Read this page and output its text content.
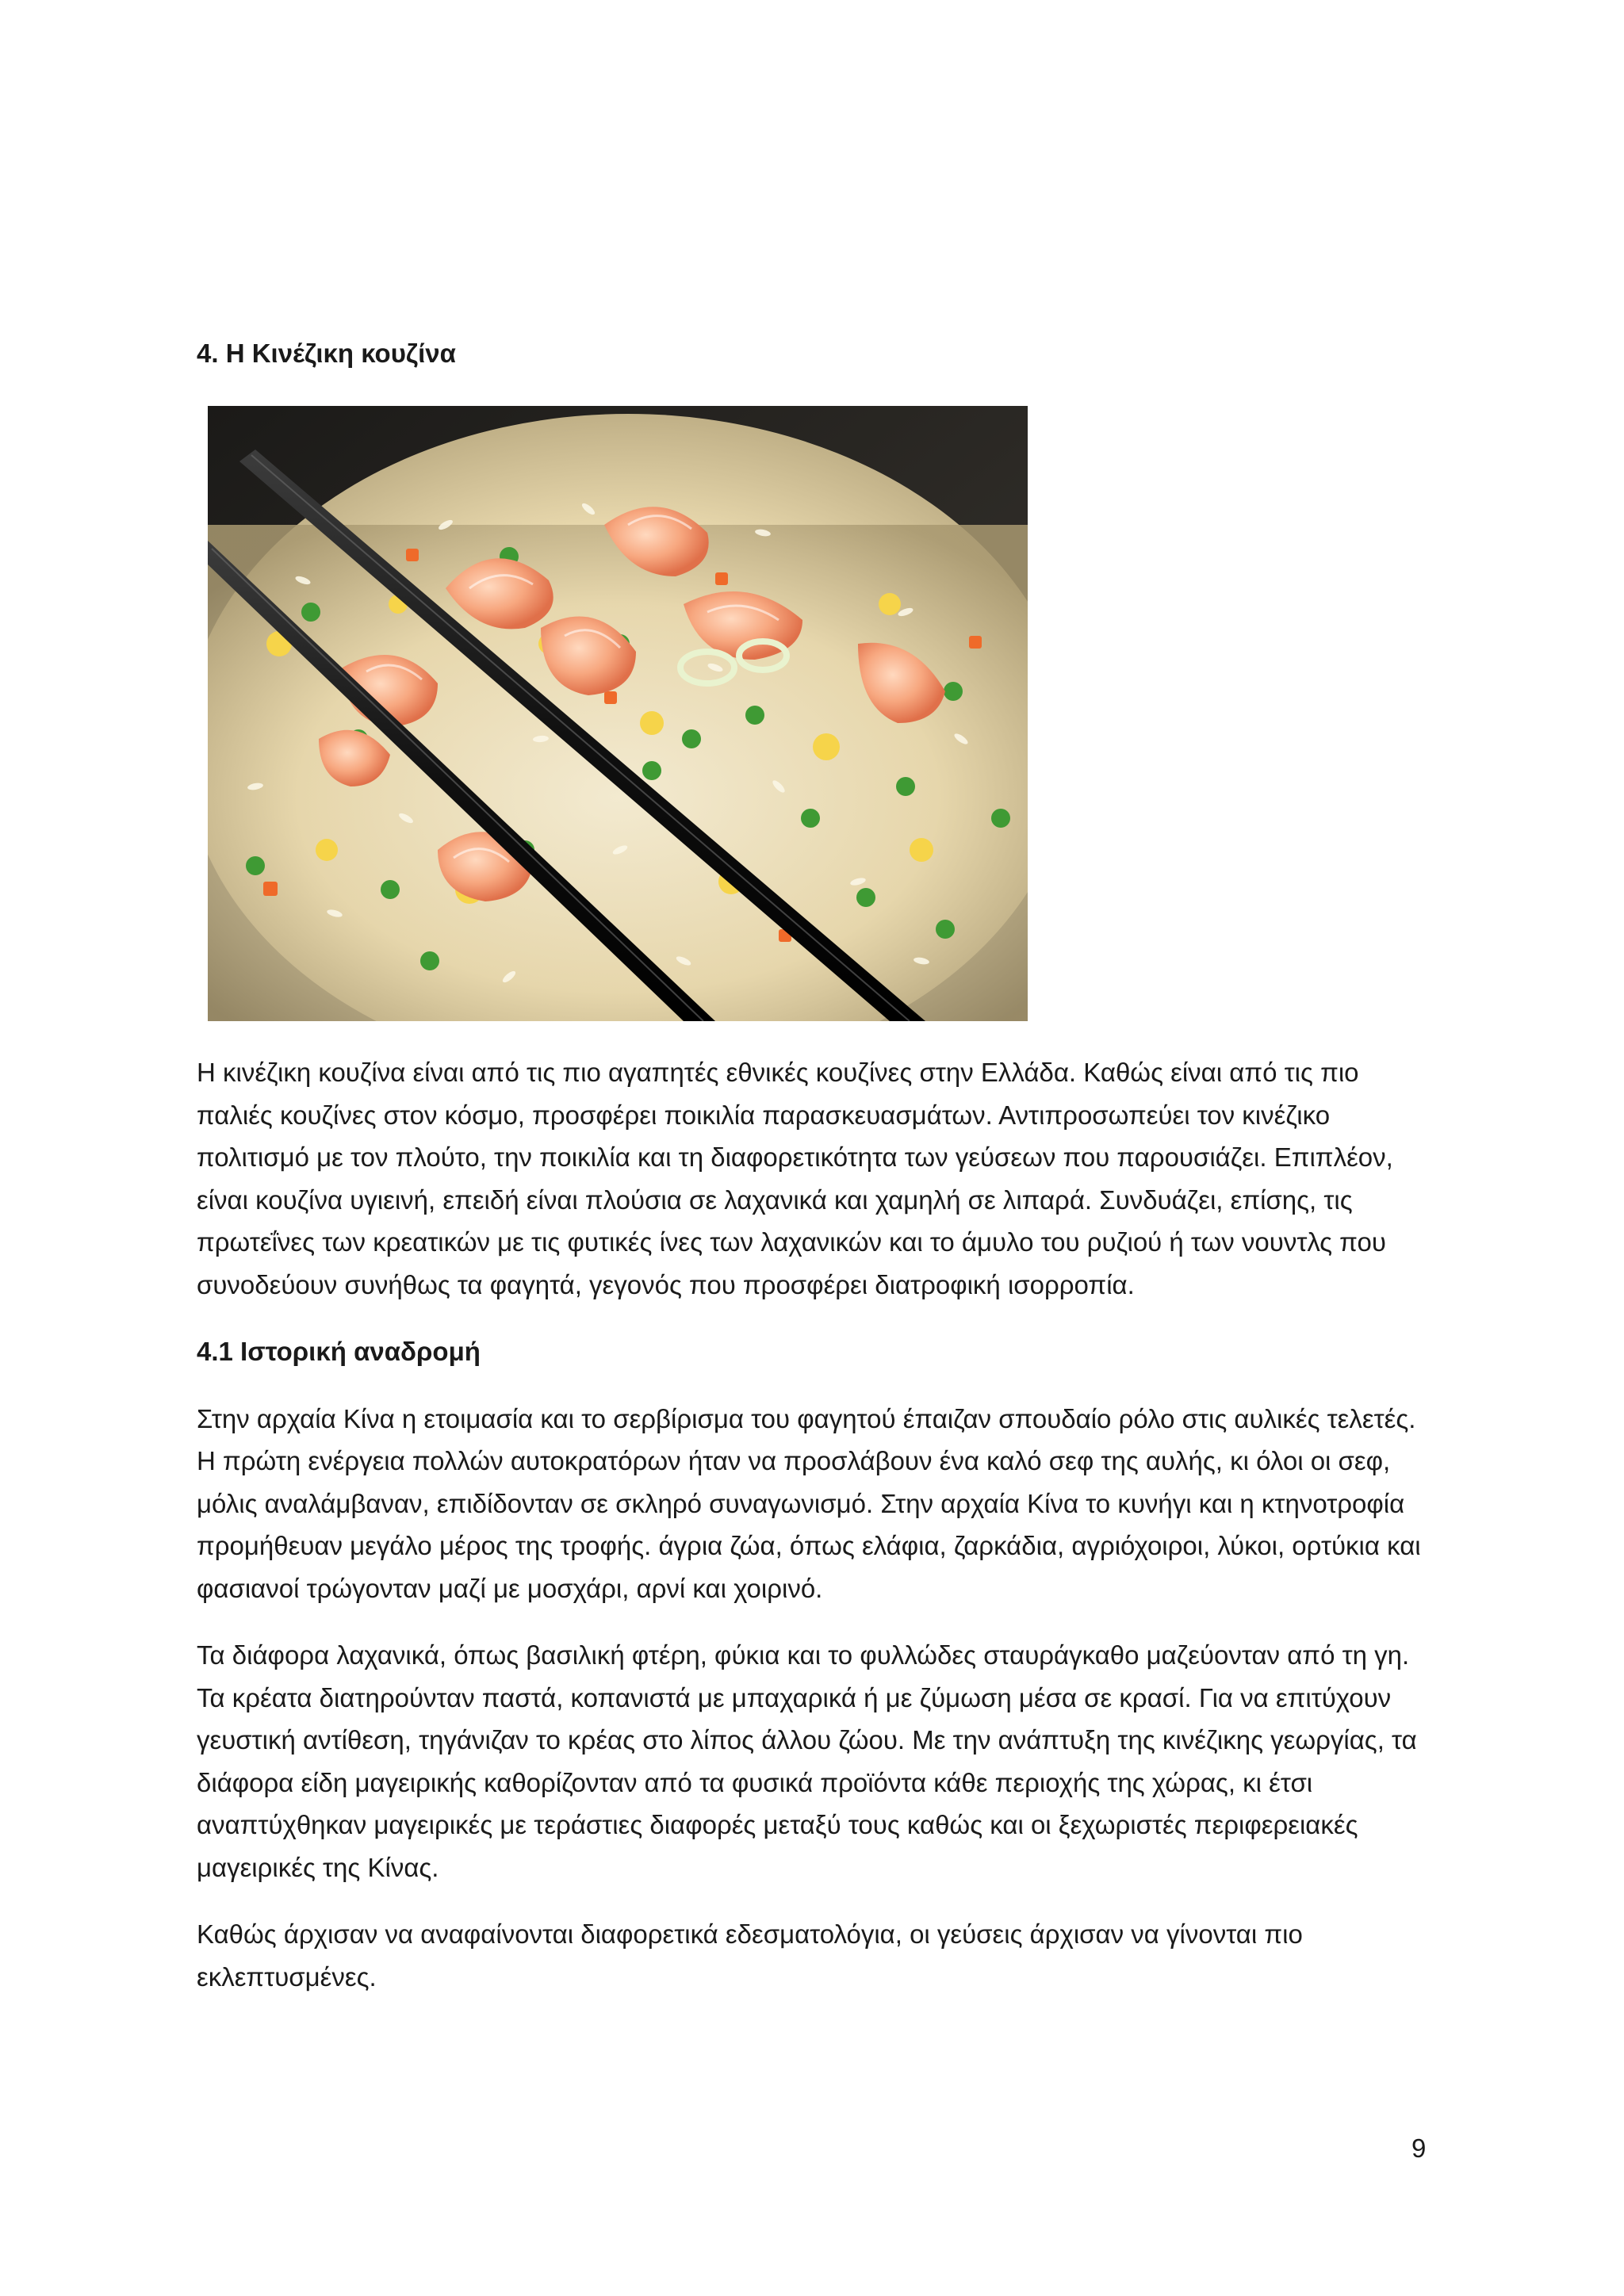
4. Η Κινέζικη κουζίνα

Η κινέζικη κουζίνα είναι από τις πιο αγαπητές εθνικές κουζίνες στην Ελλάδα. Καθώς είναι από τις πιο παλιές κουζίνες στον κόσμο, προσφέρει ποικιλία παρασκευασμάτων. Αντιπροσωπεύει τον κινέζικο πολιτισμό με τον πλούτο, την ποικιλία και τη διαφορετικότητα των γεύσεων που παρουσιάζει. Επιπλέον, είναι κουζίνα υγιεινή, επειδή είναι πλούσια σε λαχανικά και χαμηλή σε λιπαρά. Συνδυάζει, επίσης, τις πρωτεΐνες των κρεατικών με τις φυτικές ίνες των λαχανικών και το άμυλο του ρυζιού ή των νουντλς που συνοδεύουν συνήθως τα φαγητά, γεγονός που προσφέρει διατροφική ισορροπία.

4.1 Ιστορική αναδρομή

Στην αρχαία Κίνα η ετοιμασία και το σερβίρισμα του φαγητού έπαιζαν σπουδαίο ρόλο στις αυλικές τελετές. Η πρώτη ενέργεια πολλών αυτοκρατόρων ήταν να προσλάβουν ένα καλό σεφ της αυλής, κι όλοι οι σεφ, μόλις αναλάμβαναν, επιδίδονταν σε σκληρό συναγωνισμό. Στην αρχαία Κίνα το κυνήγι και η κτηνοτροφία προμήθευαν μεγάλο μέρος της τροφής. άγρια ζώα, όπως ελάφια, ζαρκάδια, αγριόχοιροι, λύκοι, ορτύκια και φασιανοί τρώγονταν μαζί με μοσχάρι, αρνί και χοιρινό.

Τα διάφορα λαχανικά, όπως βασιλική φτέρη, φύκια και το φυλλώδες σταυράγκαθο μαζεύονταν από τη γη. Τα κρέατα διατηρούνταν παστά, κοπανιστά με μπαχαρικά ή με ζύμωση μέσα σε κρασί. Για να επιτύχουν γευστική αντίθεση, τηγάνιζαν το κρέας στο λίπος άλλου ζώου. Με την ανάπτυξη της κινέζικης γεωργίας, τα διάφορα είδη μαγειρικής καθορίζονταν από τα φυσικά προϊόντα κάθε περιοχής της χώρας, κι έτσι αναπτύχθηκαν μαγειρικές με τεράστιες διαφορές μεταξύ τους καθώς και οι ξεχωριστές περιφερειακές μαγειρικές της Κίνας.

Καθώς άρχισαν να αναφαίνονται διαφορετικά εδεσματολόγια, οι γεύσεις άρχισαν να γίνονται πιο εκλεπτυσμένες.

9
